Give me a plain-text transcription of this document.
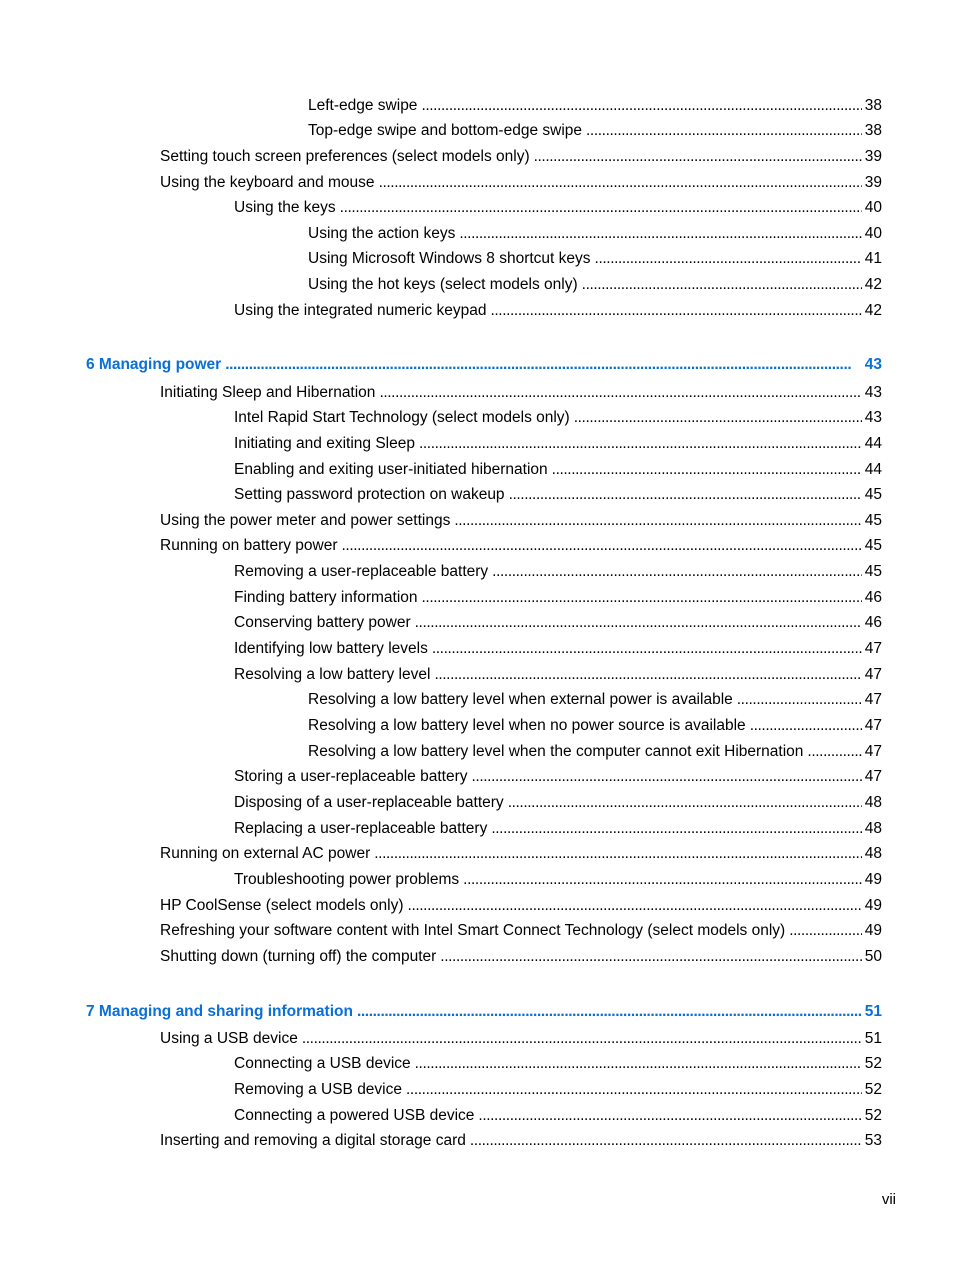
Left-edge swipe . . .	38
Top-edge swipe and bottom-edge swipe . . .	38
Setting touch screen preferences (select models only) . . .	39
Using the keyboard and mouse . . .	39
Using the keys . . .	40
Using the action keys . . .	40
Using Microsoft Windows 8 shortcut keys . . .	41
Using the hot keys (select models only) . . .	42
Using the integrated numeric keypad . . .	42
6 Managing power . . .	43
Initiating Sleep and Hibernation . . .	43
Intel Rapid Start Technology (select models only) . . .	43
Initiating and exiting Sleep . . .	44
Enabling and exiting user-initiated hibernation . . .	44
Setting password protection on wakeup . . .	45
Using the power meter and power settings . . .	45
Running on battery power . . .	45
Removing a user-replaceable battery . . .	45
Finding battery information . . .	46
Conserving battery power . . .	46
Identifying low battery levels . . .	47
Resolving a low battery level . . .	47
Resolving a low battery level when external power is available . . .	47
Resolving a low battery level when no power source is available . . .	47
Resolving a low battery level when the computer cannot exit Hibernation . . .	47
Storing a user-replaceable battery . . .	47
Disposing of a user-replaceable battery . . .	48
Replacing a user-replaceable battery . . .	48
Running on external AC power . . .	48
Troubleshooting power problems . . .	49
HP CoolSense (select models only) . . .	49
Refreshing your software content with Intel Smart Connect Technology (select models only) . . .	49
Shutting down (turning off) the computer . . .	50
7 Managing and sharing information . . .	51
Using a USB device . . .	51
Connecting a USB device . . .	52
Removing a USB device . . .	52
Connecting a powered USB device . . .	52
Inserting and removing a digital storage card . . .	53
vii
